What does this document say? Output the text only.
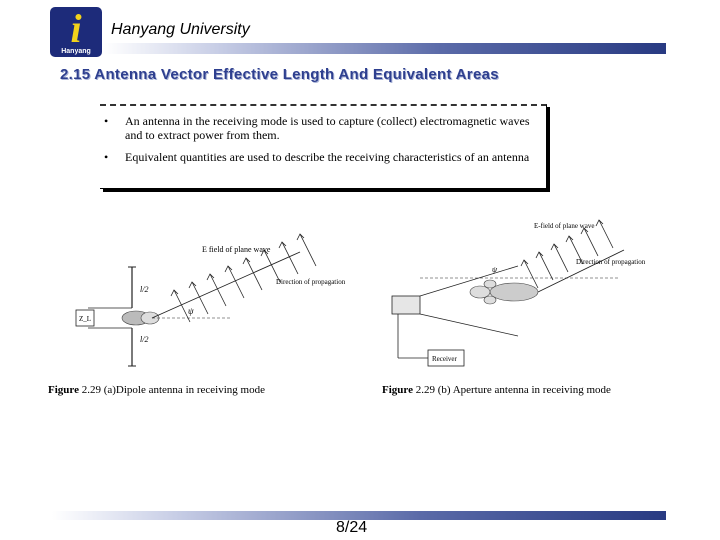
i
Hanyang
Hanyang University
2.15 Antenna Vector Effective Length And Equivalent Areas
• An antenna in the receiving mode is used to capture (collect) electromagnetic waves and to extract power from them.
• Equivalent quantities are used to describe the receiving characteristics of an antenna
Z_L
l/2
l/2
ψ
E field of plane wave
Direction of propagation
Figure 2.29 (a)Dipole antenna in receiving mode
Receiver
ψ
E-field of plane wave
Direction of propagation
Figure 2.29 (b) Aperture antenna in receiving mode
8/24
